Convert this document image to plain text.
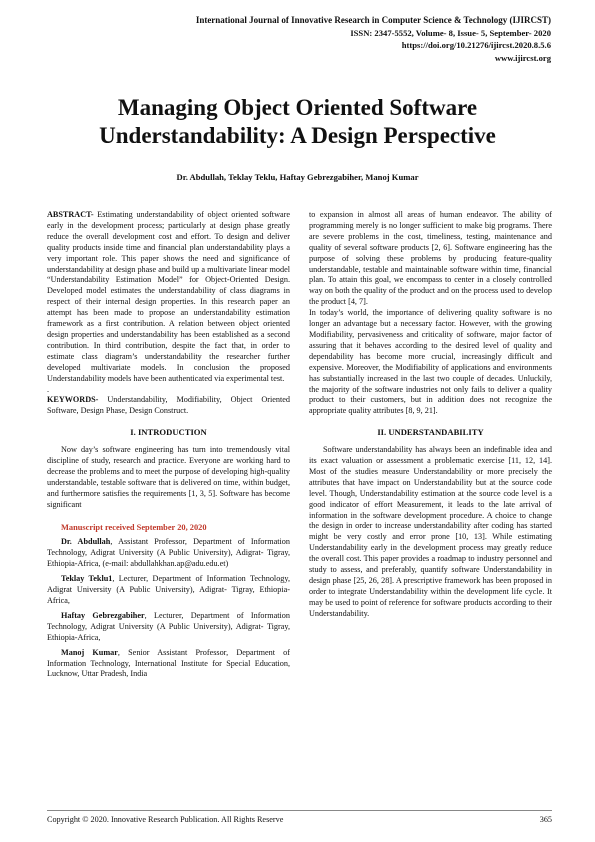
International Journal of Innovative Research in Computer Science & Technology (IJIRCST)
ISSN: 2347-5552, Volume- 8, Issue- 5, September- 2020
https://doi.org/10.21276/ijircst.2020.8.5.6
www.ijircst.org
Managing Object Oriented Software
Understandability: A Design Perspective
Dr. Abdullah, Teklay Teklu, Haftay Gebrezgabiher, Manoj Kumar

ABSTRACT- Estimating understandability of object oriented software early in the development process; particularly at design phase greatly reduce the overall development cost and effort. To design and deliver quality products inside time and financial plan understandability plays a very important role. This paper shows the need and significance of understandability at design phase and build up a multivariate linear model “Understandability Estimation Model” for Object-Oriented Design. Developed model estimates the understandability of class diagrams in respect of their internal design properties. In this research paper an attempt has been made to propose an understandability estimation framework as a first contribution. A relation between object oriented design properties and understandability has been established as a second contribution. In third contribution, despite the fact that, in order to estimate class diagram’s understandability the researcher further developed multivariate models. In conclusion the proposed Understandability models have been authenticated via experimental test.

.

KEYWORDS- Understandability, Modifiability, Object Oriented Software, Design Phase, Design Construct.

I. INTRODUCTION

Now day’s software engineering has turn into tremendously vital discipline of study, research and practice. Everyone are working hard to decrease the problems and to meet the purpose of developing high-quality understandable, testable software that is delivered on time, within budget, and furthermore satisfies the requirements [1, 3, 5]. Software has become significant

Manuscript received September 20, 2020

Dr. Abdullah, Assistant Professor, Department of Information Technology, Adigrat University (A Public University), Adigrat- Tigray, Ethiopia-Africa, (e-mail: abdullahkhan.ap@adu.edu.et)

Teklay Teklu1, Lecturer, Department of Information Technology, Adigrat University (A Public University), Adigrat- Tigray, Ethiopia-Africa,

Haftay Gebrezgabiher, Lecturer, Department of Information Technology, Adigrat University (A Public University), Adigrat- Tigray, Ethiopia-Africa,

Manoj Kumar, Senior Assistant Professor, Department of Information Technology, International Institute for Special Education, Lucknow, Uttar Pradesh, India

to expansion in almost all areas of human endeavor. The ability of programming merely is no longer sufficient to make big programs. There are severe problems in the cost, timeliness, testing, maintenance and quality of several software products [2, 6]. Software engineering has the purpose of solving these problems by producing feature-quality understandable, testable and maintainable software within time, financial plan. To attain this goal, we encompass to center in a closely controlled way on both the quality of the product and on the process used to develop the product [4, 7].

In today’s world, the importance of delivering quality software is no longer an advantage but a necessary factor. However, with the growing Modifiability, pervasiveness and criticality of software, major factor of assuring that it behaves according to the desired level of quality and dependability has become more crucial, increasingly difficult and expensive. Moreover, the Modifiability of applications and environments has substantially increased in the last two couple of decades. Unluckily, the majority of the software industries not only fails to deliver a quality product to their customers, but in addition does not recognize the appropriate quality attributes [8, 9, 21].

II. UNDERSTANDABILITY

Software understandability has always been an indefinable idea and its exact valuation or assessment a problematic exercise [11, 12, 14]. Most of the studies measure Understandability or more precisely the attributes that have impact on Understandability but at the source code level. Though, Understandability estimation at the source code level is a good indicator of effort Measurement, it leads to the late arrival of information in the software development procedure. A choice to change the design in order to increase understandability after coding has started might be very costly and error prone [10, 13]. While estimating Understandability early in the development process may greatly reduce the overall cost. This paper provides a roadmap to industry personnel and study to assess, and preferably, quantify software Understandability in design phase [25, 26, 28]. A prescriptive framework has been proposed in order to integrate Understandability within the development life cycle. It may be used to point of reference for software products according to their Understandability.

Copyright © 2020. Innovative Research Publication. All Rights Reserve	365
